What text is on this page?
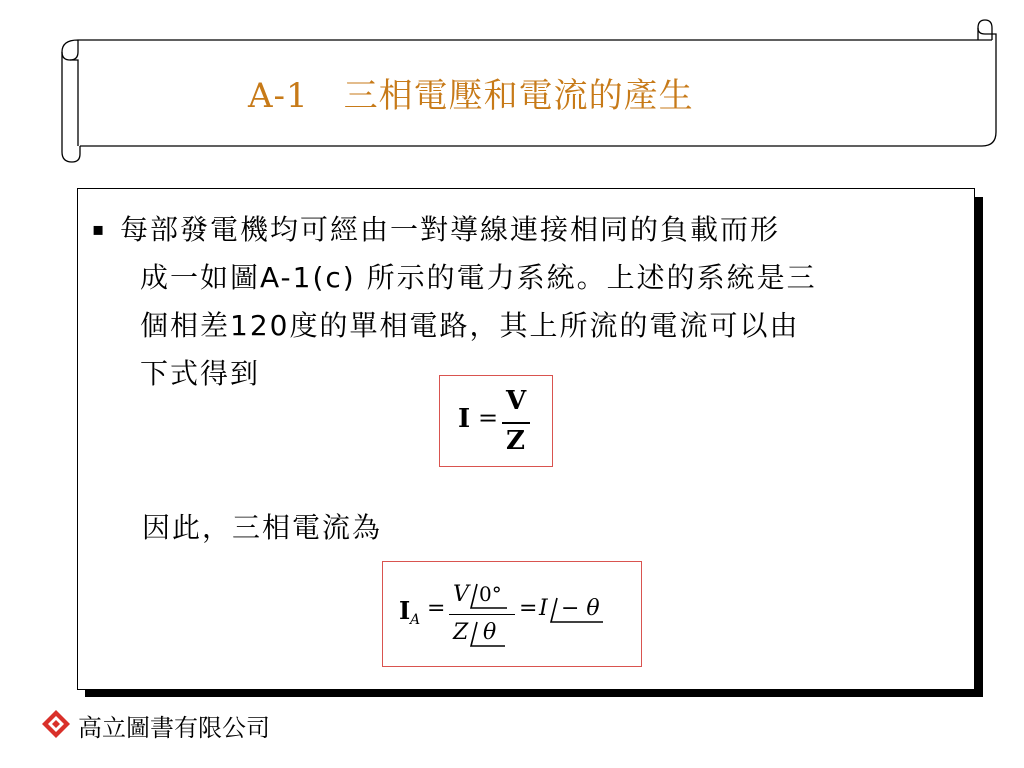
A-1　三相電壓和電流的產生
▪ 每部發電機均可經由一對導線連接相同的負載而形
成一如圖A-1(c) 所示的電力系統。上述的系統是三
個相差120度的單相電路，其上所流的電流可以由
下式得到
I =
V
Z
因此，三相電流為
I A =
V 0°
Z θ
= I − θ
高立圖書有限公司
